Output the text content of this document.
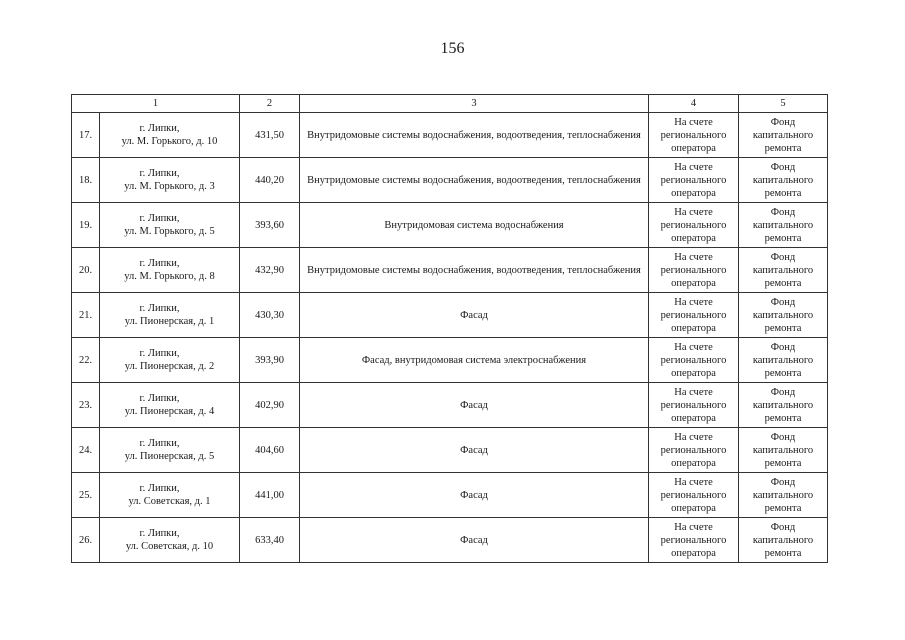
156
1		2	3	4	5
17.	г. Липки,
ул. М. Горького, д. 10	431,50	Внутридомовые системы водоснабжения, водоотведения, теплоснабжения	На счете
регионального
оператора	Фонд
капитального
ремонта

18.	г. Липки,
ул. М. Горького, д. 3	440,20	Внутридомовые системы водоснабжения, водоотведения, теплоснабжения	На счете
регионального
оператора	Фонд
капитального
ремонта

19.	г. Липки,
ул. М. Горького, д. 5	393,60	Внутридомовая система водоснабжения	На счете
регионального
оператора	Фонд
капитального
ремонта

20.	г. Липки,
ул. М. Горького, д. 8	432,90	Внутридомовые системы водоснабжения, водоотведения, теплоснабжения	На счете
регионального
оператора	Фонд
капитального
ремонта

21.	г. Липки,
ул. Пионерская, д. 1	430,30	Фасад	На счете
регионального
оператора	Фонд
капитального
ремонта

22.	г. Липки,
ул. Пионерская, д. 2	393,90	Фасад, внутридомовая система электроснабжения	На счете
регионального
оператора	Фонд
капитального
ремонта

23.	г. Липки,
ул. Пионерская, д. 4	402,90	Фасад	На счете
регионального
оператора	Фонд
капитального
ремонта

24.	г. Липки,
ул. Пионерская, д. 5	404,60	Фасад	На счете
регионального
оператора	Фонд
капитального
ремонта

25.	г. Липки,
ул. Советская, д. 1	441,00	Фасад	На счете
регионального
оператора	Фонд
капитального
ремонта

26.	г. Липки,
ул. Советская, д. 10	633,40	Фасад	На счете
регионального
оператора	Фонд
капитального
ремонта
